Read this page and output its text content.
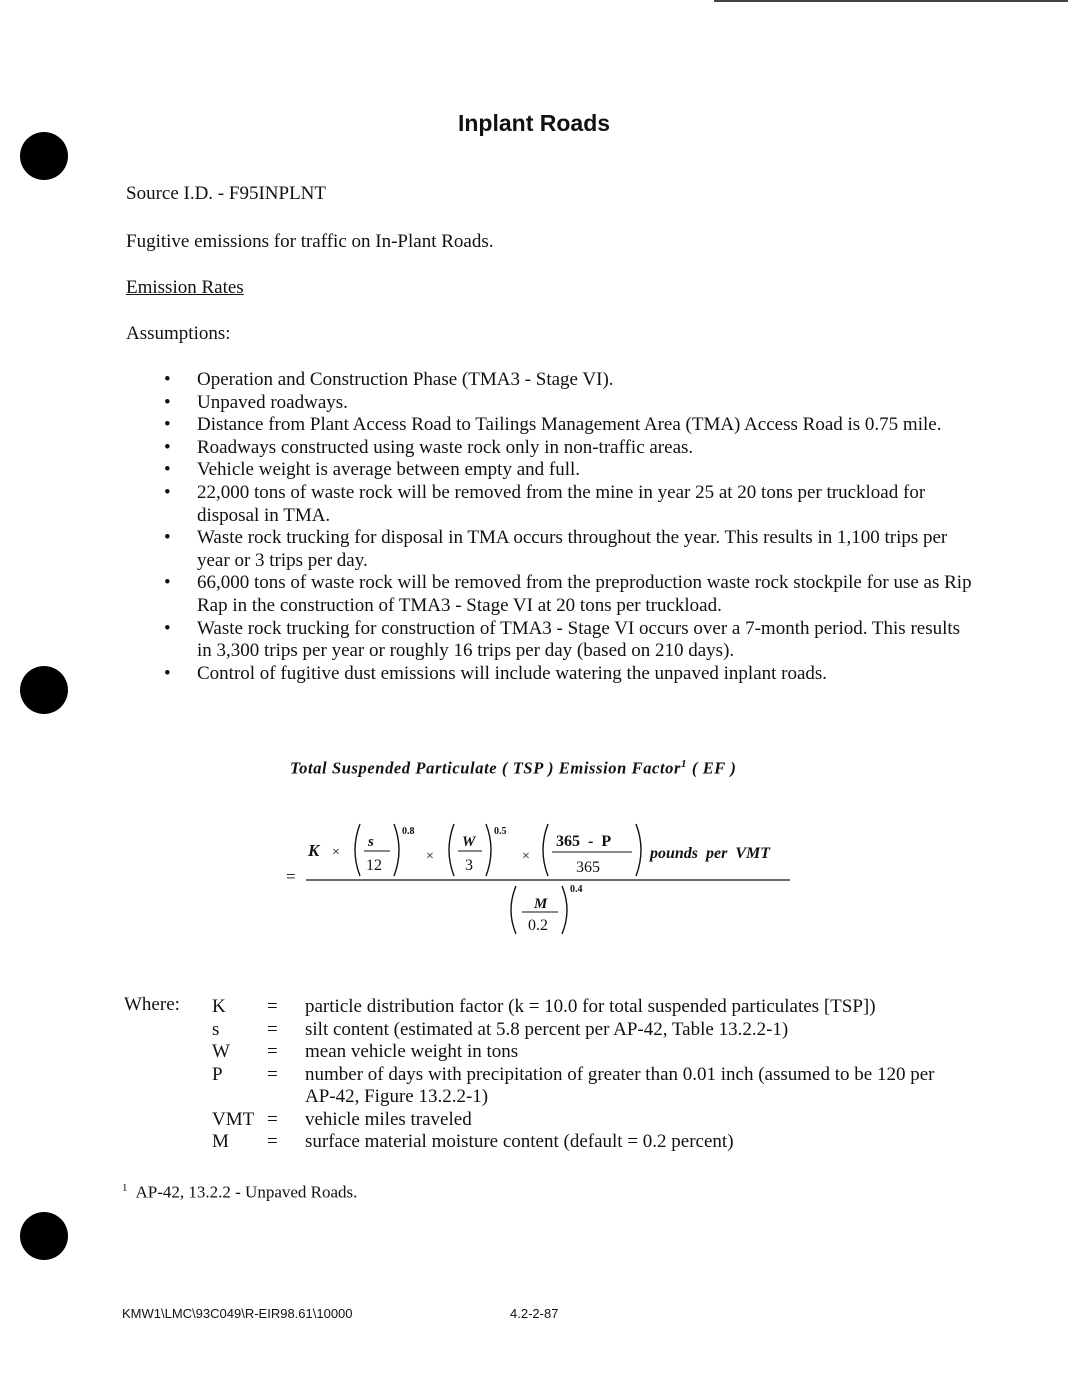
Inplant Roads
Source I.D. - F95INPLNT
Fugitive emissions for traffic on In-Plant Roads.
Emission Rates
Assumptions:
• Operation and Construction Phase (TMA3 - Stage VI).
• Unpaved roadways.
• Distance from Plant Access Road to Tailings Management Area (TMA) Access Road is 0.75 mile.
• Roadways constructed using waste rock only in non-traffic areas.
• Vehicle weight is average between empty and full.
• 22,000 tons of waste rock will be removed from the mine in year 25 at 20 tons per truckload for disposal in TMA.
• Waste rock trucking for disposal in TMA occurs throughout the year. This results in 1,100 trips per year or 3 trips per day.
• 66,000 tons of waste rock will be removed from the preproduction waste rock stockpile for use as Rip Rap in the construction of TMA3 - Stage VI at 20 tons per truckload.
• Waste rock trucking for construction of TMA3 - Stage VI occurs over a 7-month period. This results in 3,300 trips per year or roughly 16 trips per day (based on 210 days).
• Control of fugitive dust emissions will include watering the unpaved inplant roads.
Total Suspended Particulate ( TSP ) Emission Factor$^1$ ( EF )
=
K ×
s
12
0.8
×
W
3
0.5
×
365  -  P
365
pounds  per  VMT
M
0.2
0.4
Where: K	=	particle distribution factor (k = 10.0 for total suspended particulates [TSP])
s	=	silt content (estimated at 5.8 percent per AP-42, Table 13.2.2-1)
W	=	mean vehicle weight in tons
P	=	number of days with precipitation of greater than 0.01 inch (assumed to be 120 per AP-42, Figure 13.2.2-1)
VMT	=	vehicle miles traveled
M	=	surface material moisture content (default = 0.2 percent)
$^1$ AP-42, 13.2.2 - Unpaved Roads.
KMW1\LMC\93C049\R-EIR98.61\10000	4.2-2-87
